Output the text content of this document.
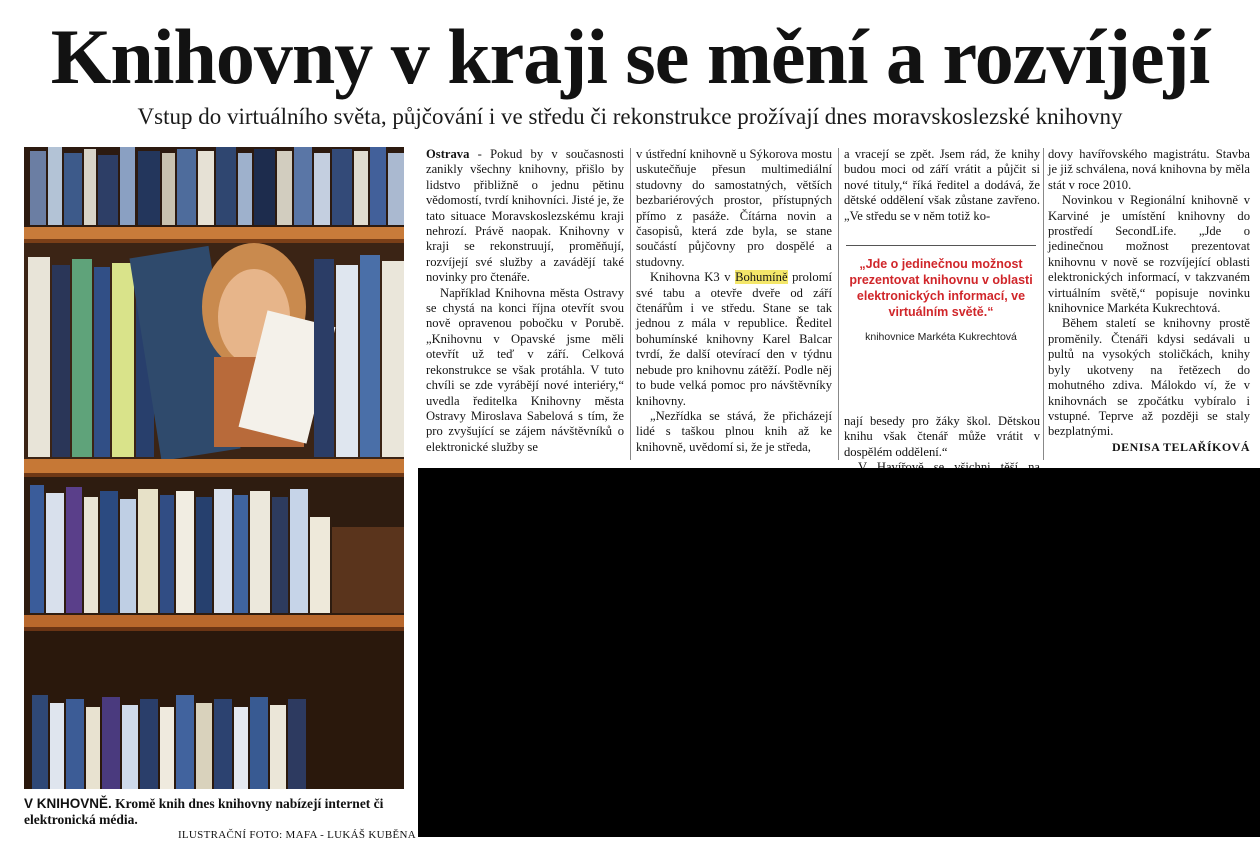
Knihovny v kraji se mění a rozvíjejí
Vstup do virtuálního světa, půjčování i ve středu či rekonstrukce prožívají dnes moravskoslezské knihovny
V KNIHOVNĚ. Kromě knih dnes knihovny nabízejí internet či elektronická média.
ILUSTRAČNÍ FOTO: MAFA - LUKÁŠ KUBĚNA

Ostrava - Pokud by v současnosti zanikly všechny knihovny, přišlo by lidstvo přibližně o jednu pětinu vědomostí, tvrdí knihovníci. Jisté je, že tato situace Moravskoslezskému kraji nehrozí. Právě naopak. Knihovny v kraji se rekonstruují, proměňují, rozvíjejí své služby a zavádějí také novinky pro čtenáře.

Například Knihovna města Ostravy se chystá na konci října otevřít svou nově opravenou pobočku v Porubě. „Knihovnu v Opavské jsme měli otevřít už teď v září. Celková rekonstrukce se však protáhla. V tuto chvíli se zde vyrábějí nové interiéry,“ uvedla ředitelka Knihovny města Ostravy Miroslava Sabelová s tím, že pro zvyšující se zájem návštěvníků o elektronické služby se

v ústřední knihovně u Sýkorova mostu uskutečňuje přesun multimediální studovny do samostatných, větších bezbariérových prostor, přístupných přímo z pasáže. Čítárna novin a časopisů, která zde byla, se stane součástí půjčovny pro dospělé a studovny.

Knihovna K3 v Bohumíně prolomí své tabu a otevře dveře od září čtenářům i ve středu. Stane se tak jednou z mála v republice. Ředitel bohumínské knihovny Karel Balcar tvrdí, že další otevírací den v týdnu nebude pro knihovnu zátěží. Podle něj to bude velká pomoc pro návštěvníky knihovny.

„Nezřídka se stává, že přicházejí lidé s taškou plnou knih až ke knihovně, uvědomí si, že je středa,

a vracejí se zpět. Jsem rád, že knihy budou moci od září vrátit a půjčit si nové tituly,“ říká ředitel a dodává, že dětské oddělení však zůstane zavřeno. „Ve středu se v něm totiž ko-

„Jde o jedinečnou možnost prezentovat knihovnu v oblasti elektronických informací, ve virtuálním světě.“
knihovnice Markéta Kukrechtová

nají besedy pro žáky škol. Dětskou knihu však čtenář může vrátit v dospělém oddělení.“

dovy havířovského magistrátu. Stavba je již schválena, nová knihovna by měla stát v roce 2010.

Novinkou v Regionální knihovně v Karviné je umístění knihovny do prostředí SecondLife. „Jde o jedinečnou možnost prezentovat knihovnu v nově se rozvíjející oblasti elektronických informací, v takzvaném virtuálním světě,“ popisuje novinku knihovnice Markéta Kukrechtová.

Během staletí se knihovny prostě proměnily. Čtenáři kdysi sedávali u pultů na vysokých stoličkách, knihy byly ukotveny na řetězech do mohutného zdiva. Málokdo ví, že v knihovnách se zpočátku vybíralo i vstupné. Teprve až později se staly bezplatnými.
DENISA TELAŘÍKOVÁ
